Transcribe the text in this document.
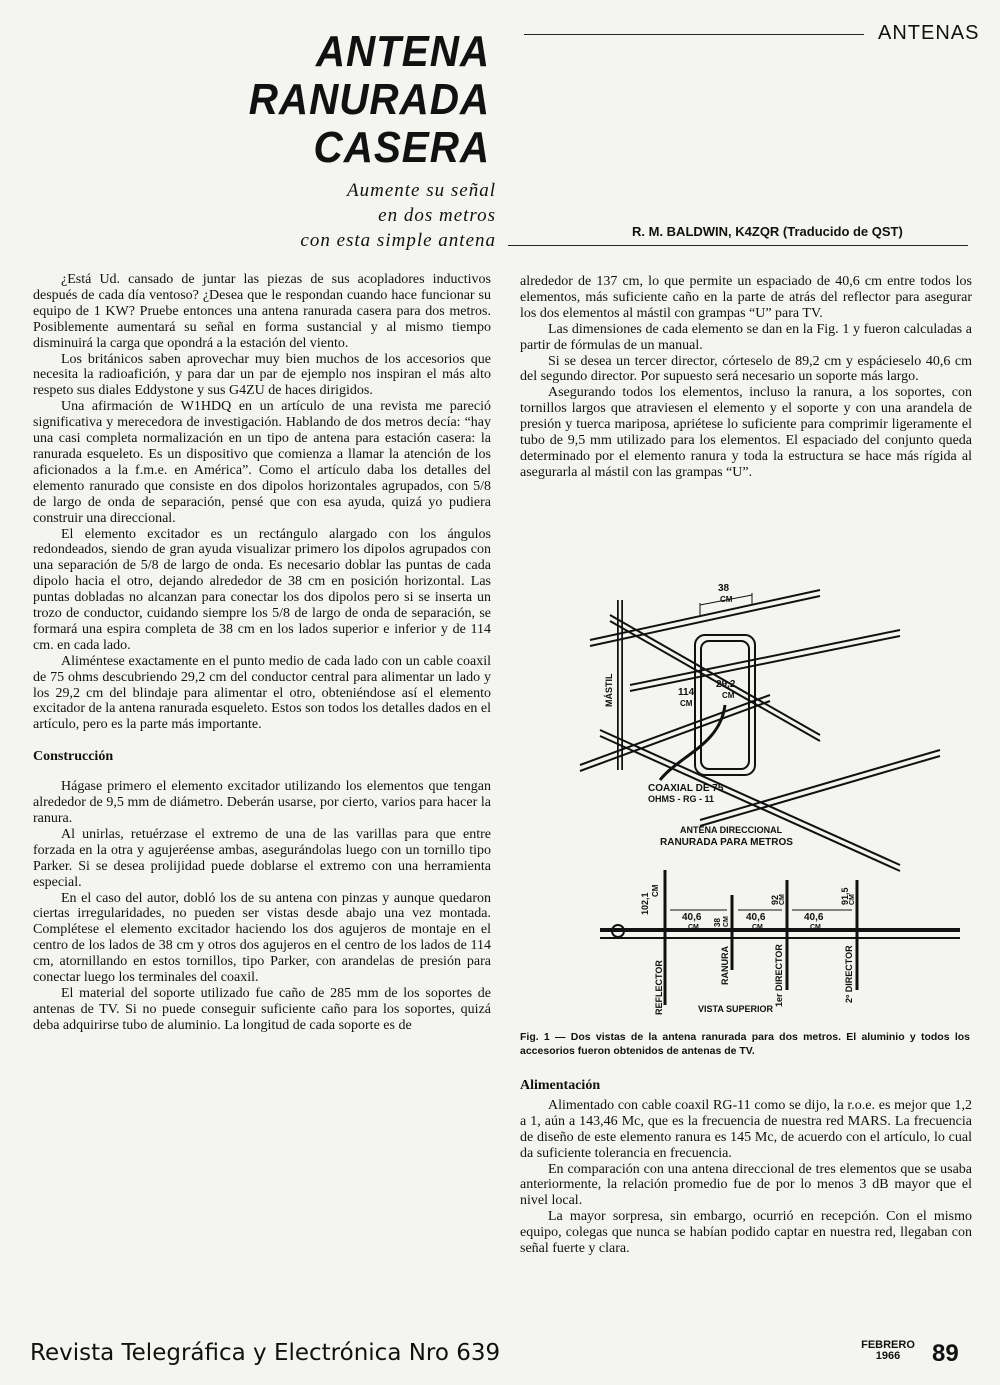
ANTENAS
ANTENA
RANURADA CASERA
Aumente su señal
en dos metros
con esta simple antena	R. M. BALDWIN, K4ZQR (Traducido de QST)

¿Está Ud. cansado de juntar las piezas de sus acopladores inductivos después de cada día ventoso? ¿Desea que le respondan cuando hace funcionar su equipo de 1 KW? Pruebe entonces una antena ranurada casera para dos metros. Posiblemente aumentará su señal en forma sustancial y al mismo tiempo disminuirá la carga que opondrá a la estación del viento.

Los británicos saben aprovechar muy bien muchos de los accesorios que necesita la radioafición, y para dar un par de ejemplo nos inspiran el más alto respeto sus diales Eddystone y sus G4ZU de haces dirigidos.

Una afirmación de W1HDQ en un artículo de una revista me pareció significativa y merecedora de investigación. Hablando de dos metros decía: “hay una casi completa normalización en un tipo de antena para estación casera: la ranurada esqueleto. Es un dispositivo que comienza a llamar la atención de los aficionados a la f.m.e. en América”. Como el artículo daba los detalles del elemento ranurado que consiste en dos dipolos horizontales agrupados, con 5/8 de largo de onda de separación, pensé que con esa ayuda, quizá yo pudiera construir una direccional.

El elemento excitador es un rectángulo alargado con los ángulos redondeados, siendo de gran ayuda visualizar primero los dipolos agrupados con una separación de 5/8 de largo de onda. Es necesario doblar las puntas de cada dipolo hacia el otro, dejando alrededor de 38 cm en posición horizontal. Las puntas dobladas no alcanzan para conectar los dos dipolos pero si se inserta un trozo de conductor, cuidando siempre los 5/8 de largo de onda de separación, se formará una espira completa de 38 cm en los lados superior e inferior y de 114 cm. en cada lado.

Aliméntese exactamente en el punto medio de cada lado con un cable coaxil de 75 ohms descubriendo 29,2 cm del conductor central para alimentar un lado y los 29,2 cm del blindaje para alimentar el otro, obteniéndose así el elemento excitador de la antena ranurada esqueleto. Estos son todos los detalles dados en el artículo, pero es la parte más importante.

Construcción

Hágase primero el elemento excitador utilizando los elementos que tengan alrededor de 9,5 mm de diámetro. Deberán usarse, por cierto, varios para hacer la ranura.

Al unirlas, retuérzase el extremo de una de las varillas para que entre forzada en la otra y agujeréense ambas, asegurándolas luego con un tornillo tipo Parker. Si se desea prolijidad puede doblarse el extremo con una herramienta especial.

En el caso del autor, dobló los de su antena con pinzas y aunque quedaron ciertas irregularidades, no pueden ser vistas desde abajo una vez montada. Complétese el elemento excitador haciendo los dos agujeros de montaje en el centro de los lados de 38 cm y otros dos agujeros en el centro de los lados de 114 cm, atornillando en estos tornillos, tipo Parker, con arandelas de presión para conectar luego los terminales del coaxil.

El material del soporte utilizado fue caño de 285 mm de los soportes de antenas de TV. Si no puede conseguir suficiente caño para los soportes, quizá deba adquirirse tubo de aluminio. La longitud de cada soporte es de

alrededor de 137 cm, lo que permite un espaciado de 40,6 cm entre todos los elementos, más suficiente caño en la parte de atrás del reflector para asegurar los dos elementos al mástil con grampas “U” para TV.

Las dimensiones de cada elemento se dan en la Fig. 1 y fueron calculadas a partir de fórmulas de un manual.

Si se desea un tercer director, córteselo de 89,2 cm y espácieselo 40,6 cm del segundo director. Por supuesto será necesario un soporte más largo.

Asegurando todos los elementos, incluso la ranura, a los soportes, con tornillos largos que atraviesen el elemento y el soporte y con una arandela de presión y tuerca mariposa, apriétese lo suficiente para comprimir ligeramente el tubo de 9,5 mm utilizado para los elementos. El espaciado del conjunto queda determinado por el elemento ranura y toda la estructura se hace más rígida al asegurarla al mástil con las grampas “U”.

38
CM
MÁSTIL	114
CM
29,2
CM
COAXIAL DE 75
OHMS - RG - 11
ANTENA DIRECCIONAL
RANURADA PARA METROS
102,1
CM
38 CM
40,6
CM
40,6
CM
92 CM
40,6
CM
91,5 CM
REFLECTOR	RANURA	1er DIRECTOR	2º DIRECTOR
VISTA SUPERIOR
Fig. 1 — Dos vistas de la antena ranurada para dos metros. El aluminio y todos los accesorios fueron obtenidos de antenas de TV.
Alimentación

Alimentado con cable coaxil RG-11 como se dijo, la r.o.e. es mejor que 1,2 a 1, aún a 143,46 Mc, que es la frecuencia de nuestra red MARS. La frecuencia de diseño de este elemento ranura es 145 Mc, de acuerdo con el artículo, lo cual da suficiente tolerancia en frecuencia.

En comparación con una antena direccional de tres elementos que se usaba anteriormente, la relación promedio fue de por lo menos 3 dB mayor que el nivel local.

La mayor sorpresa, sin embargo, ocurrió en recepción. Con el mismo equipo, colegas que nunca se habían podido captar en nuestra red, llegaban con señal fuerte y clara.

Revista Telegráfica y Electrónica Nro 639	FEBRERO
1966	89
